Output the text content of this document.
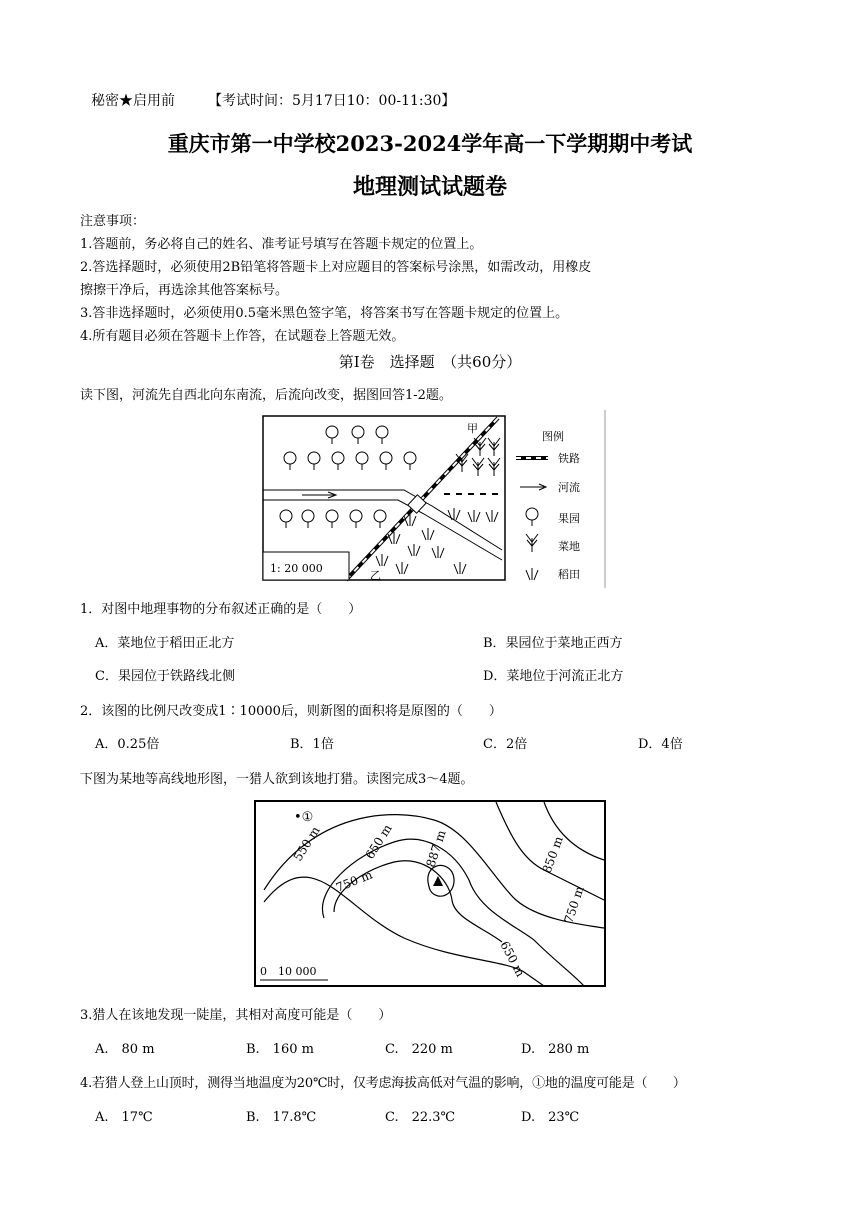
秘密★启用前 【考试时间：5月17日10：00-11:30】
重庆市第一中学校2023-2024学年高一下学期期中考试
地理测试试题卷
注意事项：
1.答题前，务必将自己的姓名、准考证号填写在答题卡规定的位置上。
2.答选择题时，必须使用2B铅笔将答题卡上对应题目的答案标号涂黑，如需改动，用橡皮
擦擦干净后，再选涂其他答案标号。
3.答非选择题时，必须使用0.5毫米黑色签字笔，将答案书写在答题卡规定的位置上。
4.所有题目必须在答题卡上作答，在试题卷上答题无效。
第Ⅰ卷　选择题　（共60分）
读下图，河流先自西北向东南流，后流向改变，据图回答1-2题。
1: 20 000
甲
乙
图例
铁路
河流
果园
菜地
稻田
1．对图中地理事物的分布叙述正确的是（　　）
A．菜地位于稻田正北方	B．果园位于菜地正西方
C．果园位于铁路线北侧	D．菜地位于河流正北方
2．该图的比例尺改变成1∶10000后，则新图的面积将是原图的（　　）
A．0.25倍	B．1倍	C．2倍	D．4倍
下图为某地等高线地形图，一猎人欲到该地打猎。读图完成3～4题。
•①
550 m	650 m
750 m
887 m	850 m
750 m
650 m
0　10 000
3.猎人在该地发现一陡崖，其相对高度可能是（　　）
A.　80 m	B.　160 m	C.　220 m	D.　280 m
4.若猎人登上山顶时，测得当地温度为20℃时，仅考虑海拔高低对气温的影响，①地的温度可能是（　　）
A.　17℃	B.　17.8℃	C.　22.3℃	D.　23℃
